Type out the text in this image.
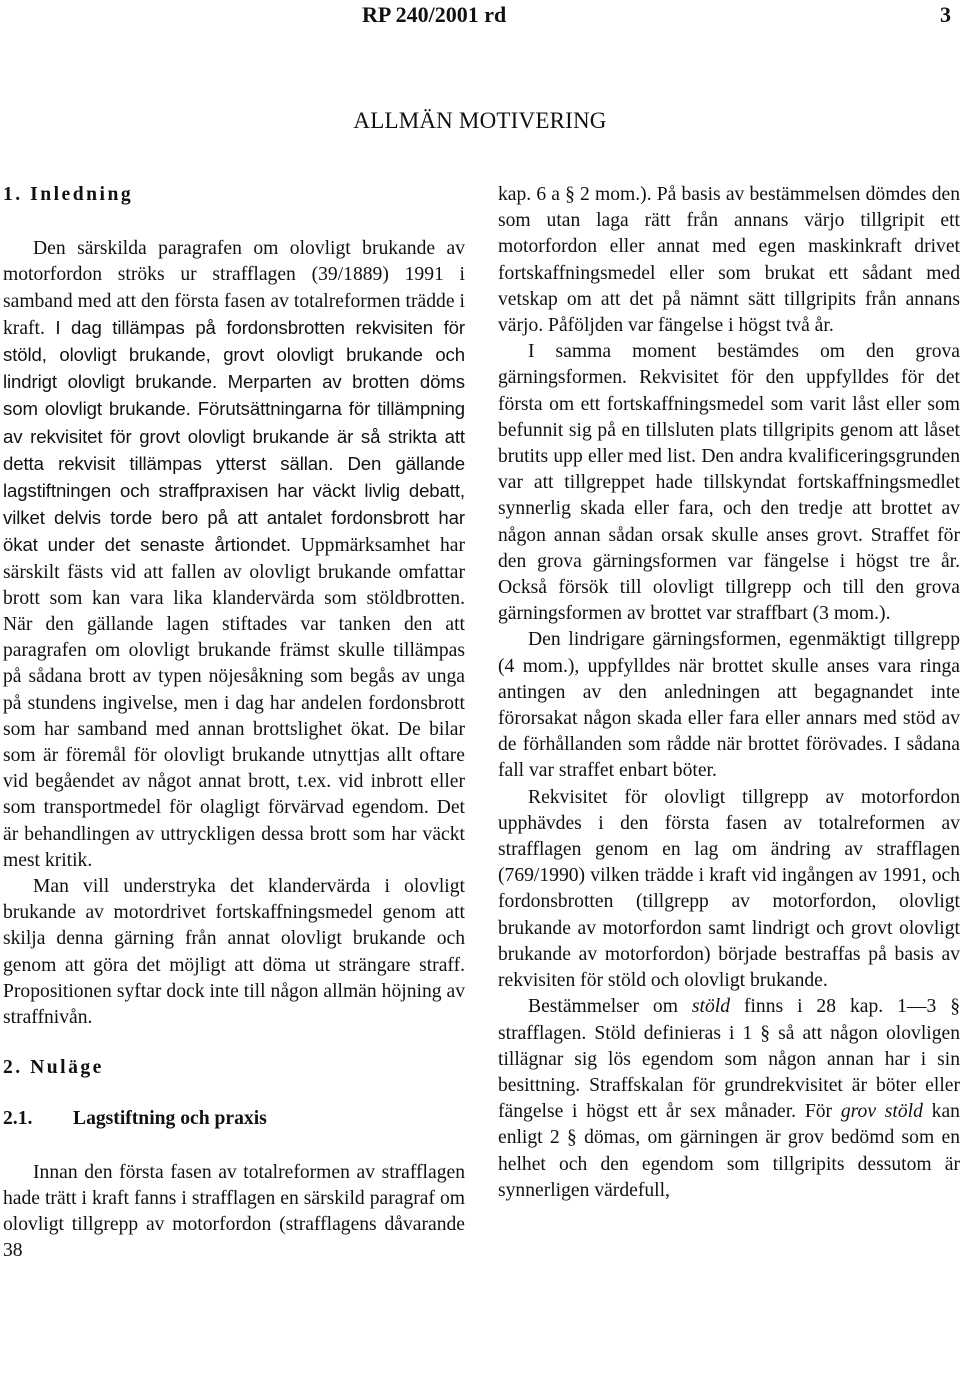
RP 240/2001 rd	3
ALLMÄN MOTIVERING
1. Inledning

Den särskilda paragrafen om olovligt brukande av motorfordon ströks ur strafflagen (39/1889) 1991 i samband med att den första fasen av totalreformen trädde i kraft. I dag tillämpas på fordonsbrotten rekvisiten för stöld, olovligt brukande, grovt olovligt brukande och lindrigt olovligt brukande. Merparten av brotten döms som olovligt brukande. Förutsättningarna för tillämpning av rekvisitet för grovt olovligt brukande är så strikta att detta rekvisit tillämpas ytterst sällan. Den gällande lagstiftningen och straffpraxisen har väckt livlig debatt, vilket delvis torde bero på att antalet fordonsbrott har ökat under det senaste årtiondet. Uppmärksamhet har särskilt fästs vid att fallen av olovligt brukande omfattar brott som kan vara lika klandervärda som stöldbrotten. När den gällande lagen stiftades var tanken den att paragrafen om olovligt brukande främst skulle tillämpas på sådana brott av typen nöjesåkning som begås av unga på stundens ingivelse, men i dag har andelen fordonsbrott som har samband med annan brottslighet ökat. De bilar som är föremål för olovligt brukande utnyttjas allt oftare vid begåendet av något annat brott, t.ex. vid inbrott eller som transportmedel för olagligt förvärvad egendom. Det är behandlingen av uttryckligen dessa brott som har väckt mest kritik.

Man vill understryka det klandervärda i olovligt brukande av motordrivet fortskaffningsmedel genom att skilja denna gärning från annat olovligt brukande och genom att göra det möjligt att döma ut strängare straff. Propositionen syftar dock inte till någon allmän höjning av straffnivån.

2. Nuläge
2.1. Lagstiftning och praxis

Innan den första fasen av totalreformen av strafflagen hade trätt i kraft fanns i strafflagen en särskild paragraf om olovligt tillgrepp av motorfordon (strafflagens dåvarande 38

kap. 6 a § 2 mom.). På basis av bestämmelsen dömdes den som utan laga rätt från annans värjo tillgripit ett motorfordon eller annat med egen maskinkraft drivet fortskaffningsmedel eller som brukat ett sådant med vetskap om att det på nämnt sätt tillgripits från annans värjo. Påföljden var fängelse i högst två år.

I samma moment bestämdes om den grova gärningsformen. Rekvisitet för den uppfylldes för det första om ett fortskaffningsmedel som varit låst eller som befunnit sig på en tillsluten plats tillgripits genom att låset brutits upp eller med list. Den andra kvalificeringsgrunden var att tillgreppet hade tillskyndat fortskaffningsmedlet synnerlig skada eller fara, och den tredje att brottet av någon annan sådan orsak skulle anses grovt. Straffet för den grova gärningsformen var fängelse i högst tre år. Också försök till olovligt tillgrepp och till den grova gärningsformen av brottet var straffbart (3 mom.).

Den lindrigare gärningsformen, egenmäktigt tillgrepp (4 mom.), uppfylldes när brottet skulle anses vara ringa antingen av den anledningen att begagnandet inte förorsakat någon skada eller fara eller annars med stöd av de förhållanden som rådde när brottet förövades. I sådana fall var straffet enbart böter.

Rekvisitet för olovligt tillgrepp av motorfordon upphävdes i den första fasen av totalreformen av strafflagen genom en lag om ändring av strafflagen (769/1990) vilken trädde i kraft vid ingången av 1991, och fordonsbrotten (tillgrepp av motorfordon, olovligt brukande av motorfordon samt lindrigt och grovt olovligt brukande av motorfordon) började bestraffas på basis av rekvisiten för stöld och olovligt brukande.

Bestämmelser om stöld finns i 28 kap. 1—3 § strafflagen. Stöld definieras i 1 § så att någon olovligen tillägnar sig lös egendom som någon annan har i sin besittning. Straffskalan för grundrekvisitet är böter eller fängelse i högst ett år sex månader. För grov stöld kan enligt 2 § dömas, om gärningen är grov bedömd som en helhet och den egendom som tillgripits dessutom är synnerligen värdefull,
